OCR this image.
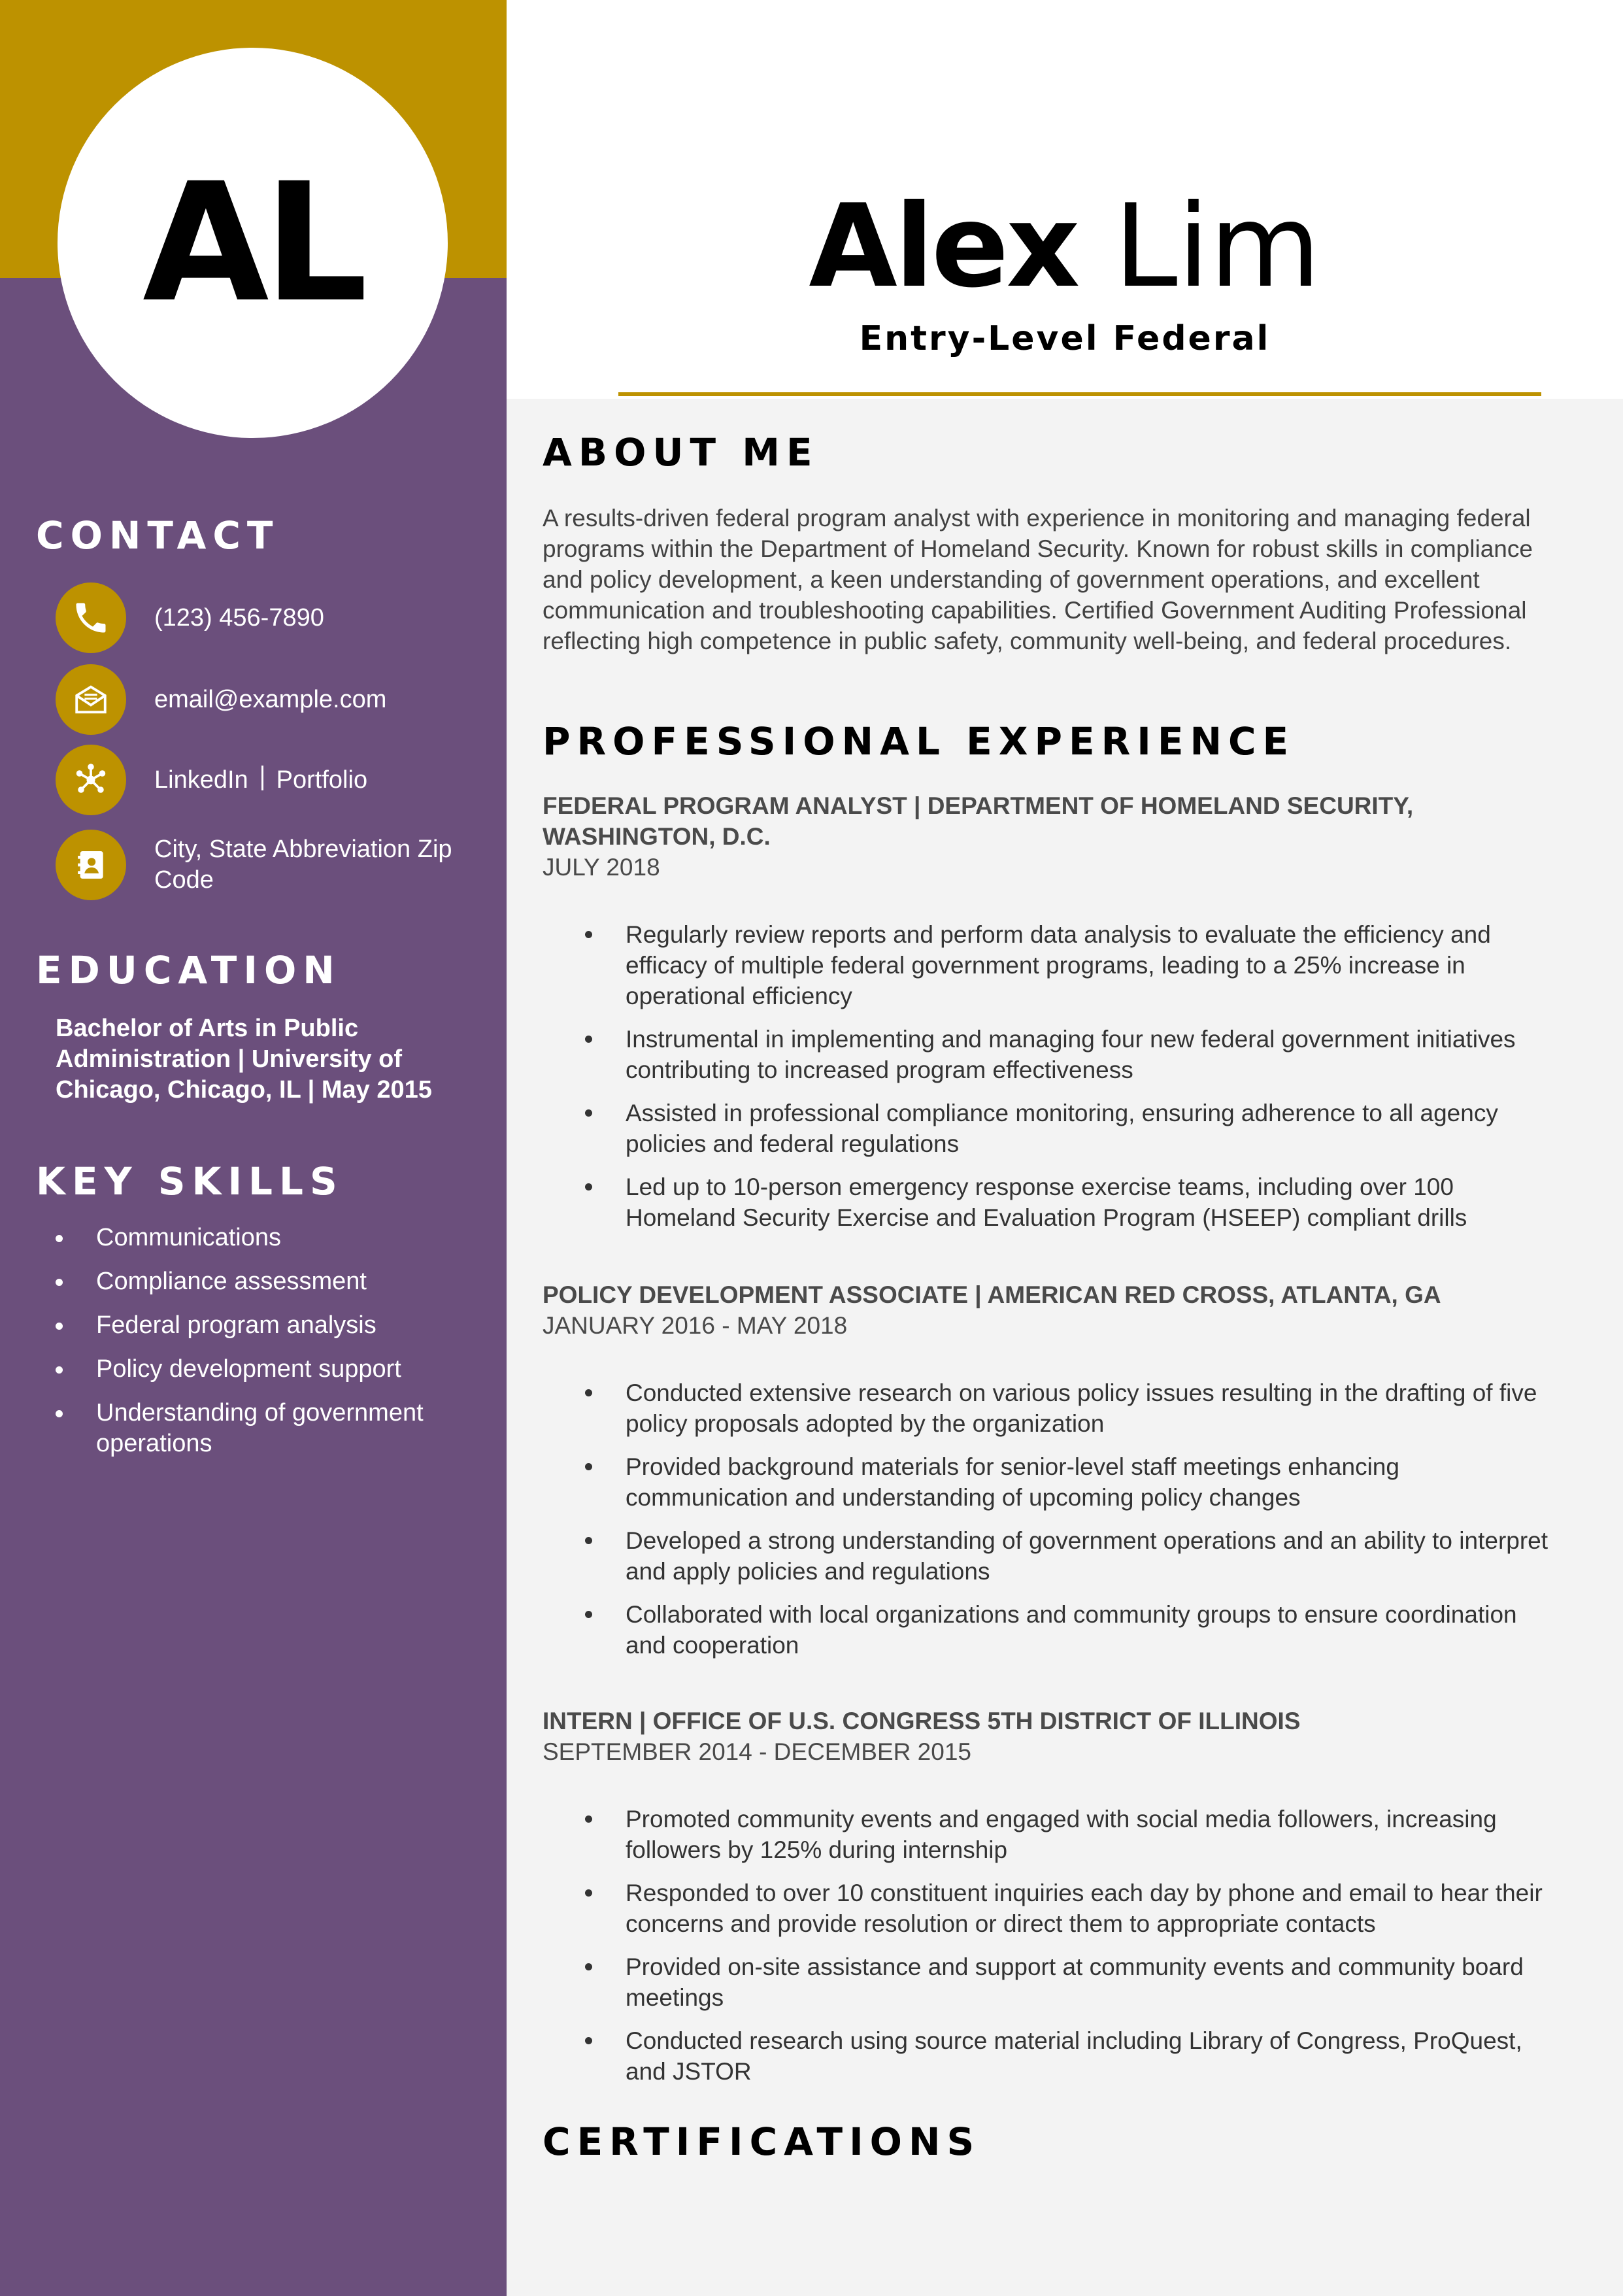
AL
CONTACT
(123) 456-7890
email@example.com
LinkedIn Portfolio
City, State Abbreviation Zip Code
EDUCATION
Bachelor of Arts in Public Administration | University of Chicago, Chicago, IL | May 2015
KEY SKILLS
Communications
Compliance assessment
Federal program analysis
Policy development support
Understanding of government operations
Alex Lim
Entry-Level Federal
ABOUT ME
A results-driven federal program analyst with experience in monitoring and managing federal programs within the Department of Homeland Security. Known for robust skills in compliance and policy development, a keen understanding of government operations, and excellent communication and troubleshooting capabilities. Certified Government Auditing Professional reflecting high competence in public safety, community well-being, and federal procedures.
PROFESSIONAL EXPERIENCE
FEDERAL PROGRAM ANALYST | DEPARTMENT OF HOMELAND SECURITY, WASHINGTON, D.C.
JULY 2018
Regularly review reports and perform data analysis to evaluate the efficiency and efficacy of multiple federal government programs, leading to a 25% increase in operational efficiency
Instrumental in implementing and managing four new federal government initiatives contributing to increased program effectiveness
Assisted in professional compliance monitoring, ensuring adherence to all agency policies and federal regulations
Led up to 10-person emergency response exercise teams, including over 100 Homeland Security Exercise and Evaluation Program (HSEEP) compliant drills
POLICY DEVELOPMENT ASSOCIATE | AMERICAN RED CROSS, ATLANTA, GA
JANUARY 2016 - MAY 2018
Conducted extensive research on various policy issues resulting in the drafting of five policy proposals adopted by the organization
Provided background materials for senior-level staff meetings enhancing communication and understanding of upcoming policy changes
Developed a strong understanding of government operations and an ability to interpret and apply policies and regulations
Collaborated with local organizations and community groups to ensure coordination and cooperation
INTERN | OFFICE OF U.S. CONGRESS 5TH DISTRICT OF ILLINOIS
SEPTEMBER 2014 - DECEMBER 2015
Promoted community events and engaged with social media followers, increasing followers by 125% during internship
Responded to over 10 constituent inquiries each day by phone and email to hear their concerns and provide resolution or direct them to appropriate contacts
Provided on-site assistance and support at community events and community board meetings
Conducted research using source material including Library of Congress, ProQuest, and JSTOR
CERTIFICATIONS
